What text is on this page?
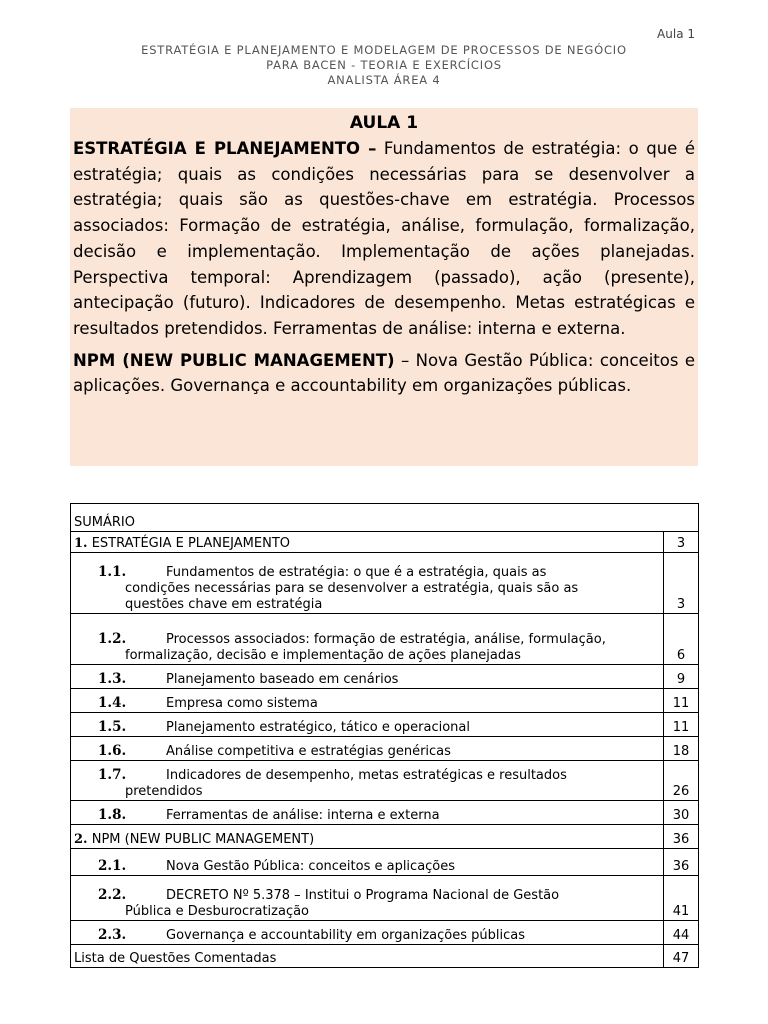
Aula 1
ESTRATÉGIA E PLANEJAMENTO E MODELAGEM DE PROCESSOS DE NEGÓCIO
PARA BACEN - TEORIA E EXERCÍCIOS
ANALISTA ÁREA 4
AULA 1

ESTRATÉGIA E PLANEJAMENTO – Fundamentos de estratégia: o que é estratégia; quais as condições necessárias para se desenvolver a estratégia; quais são as questões-chave em estratégia. Processos associados: Formação de estratégia, análise, formulação, formalização, decisão e implementação. Implementação de ações planejadas. Perspectiva temporal: Aprendizagem (passado), ação (presente), antecipação (futuro). Indicadores de desempenho. Metas estratégicas e resultados pretendidos. Ferramentas de análise: interna e externa.

NPM (NEW PUBLIC MANAGEMENT) – Nova Gestão Pública: conceitos e aplicações. Governança e accountability em organizações públicas.

SUMÁRIO	
1. ESTRATÉGIA E PLANEJAMENTO	3

1.1. Fundamentos de estratégia: o que é a estratégia, quais as
condições necessárias para se desenvolver a estratégia, quais são as
questões chave em estratégia	3

1.2. Processos associados: formação de estratégia, análise, formulação,
formalização, decisão e implementação de ações planejadas	6
1.3. Planejamento baseado em cenários	9
1.4. Empresa como sistema	11
1.5. Planejamento estratégico, tático e operacional	11
1.6. Análise competitiva e estratégias genéricas	18

1.7. Indicadores de desempenho, metas estratégicas e resultados
pretendidos	26
1.8. Ferramentas de análise: interna e externa	30
2. NPM (NEW PUBLIC MANAGEMENT)	36
2.1. Nova Gestão Pública: conceitos e aplicações	36

2.2. DECRETO Nº 5.378 – Institui o Programa Nacional de Gestão
Pública e Desburocratização	41
2.3. Governança e accountability em organizações públicas	44
Lista de Questões Comentadas	47
